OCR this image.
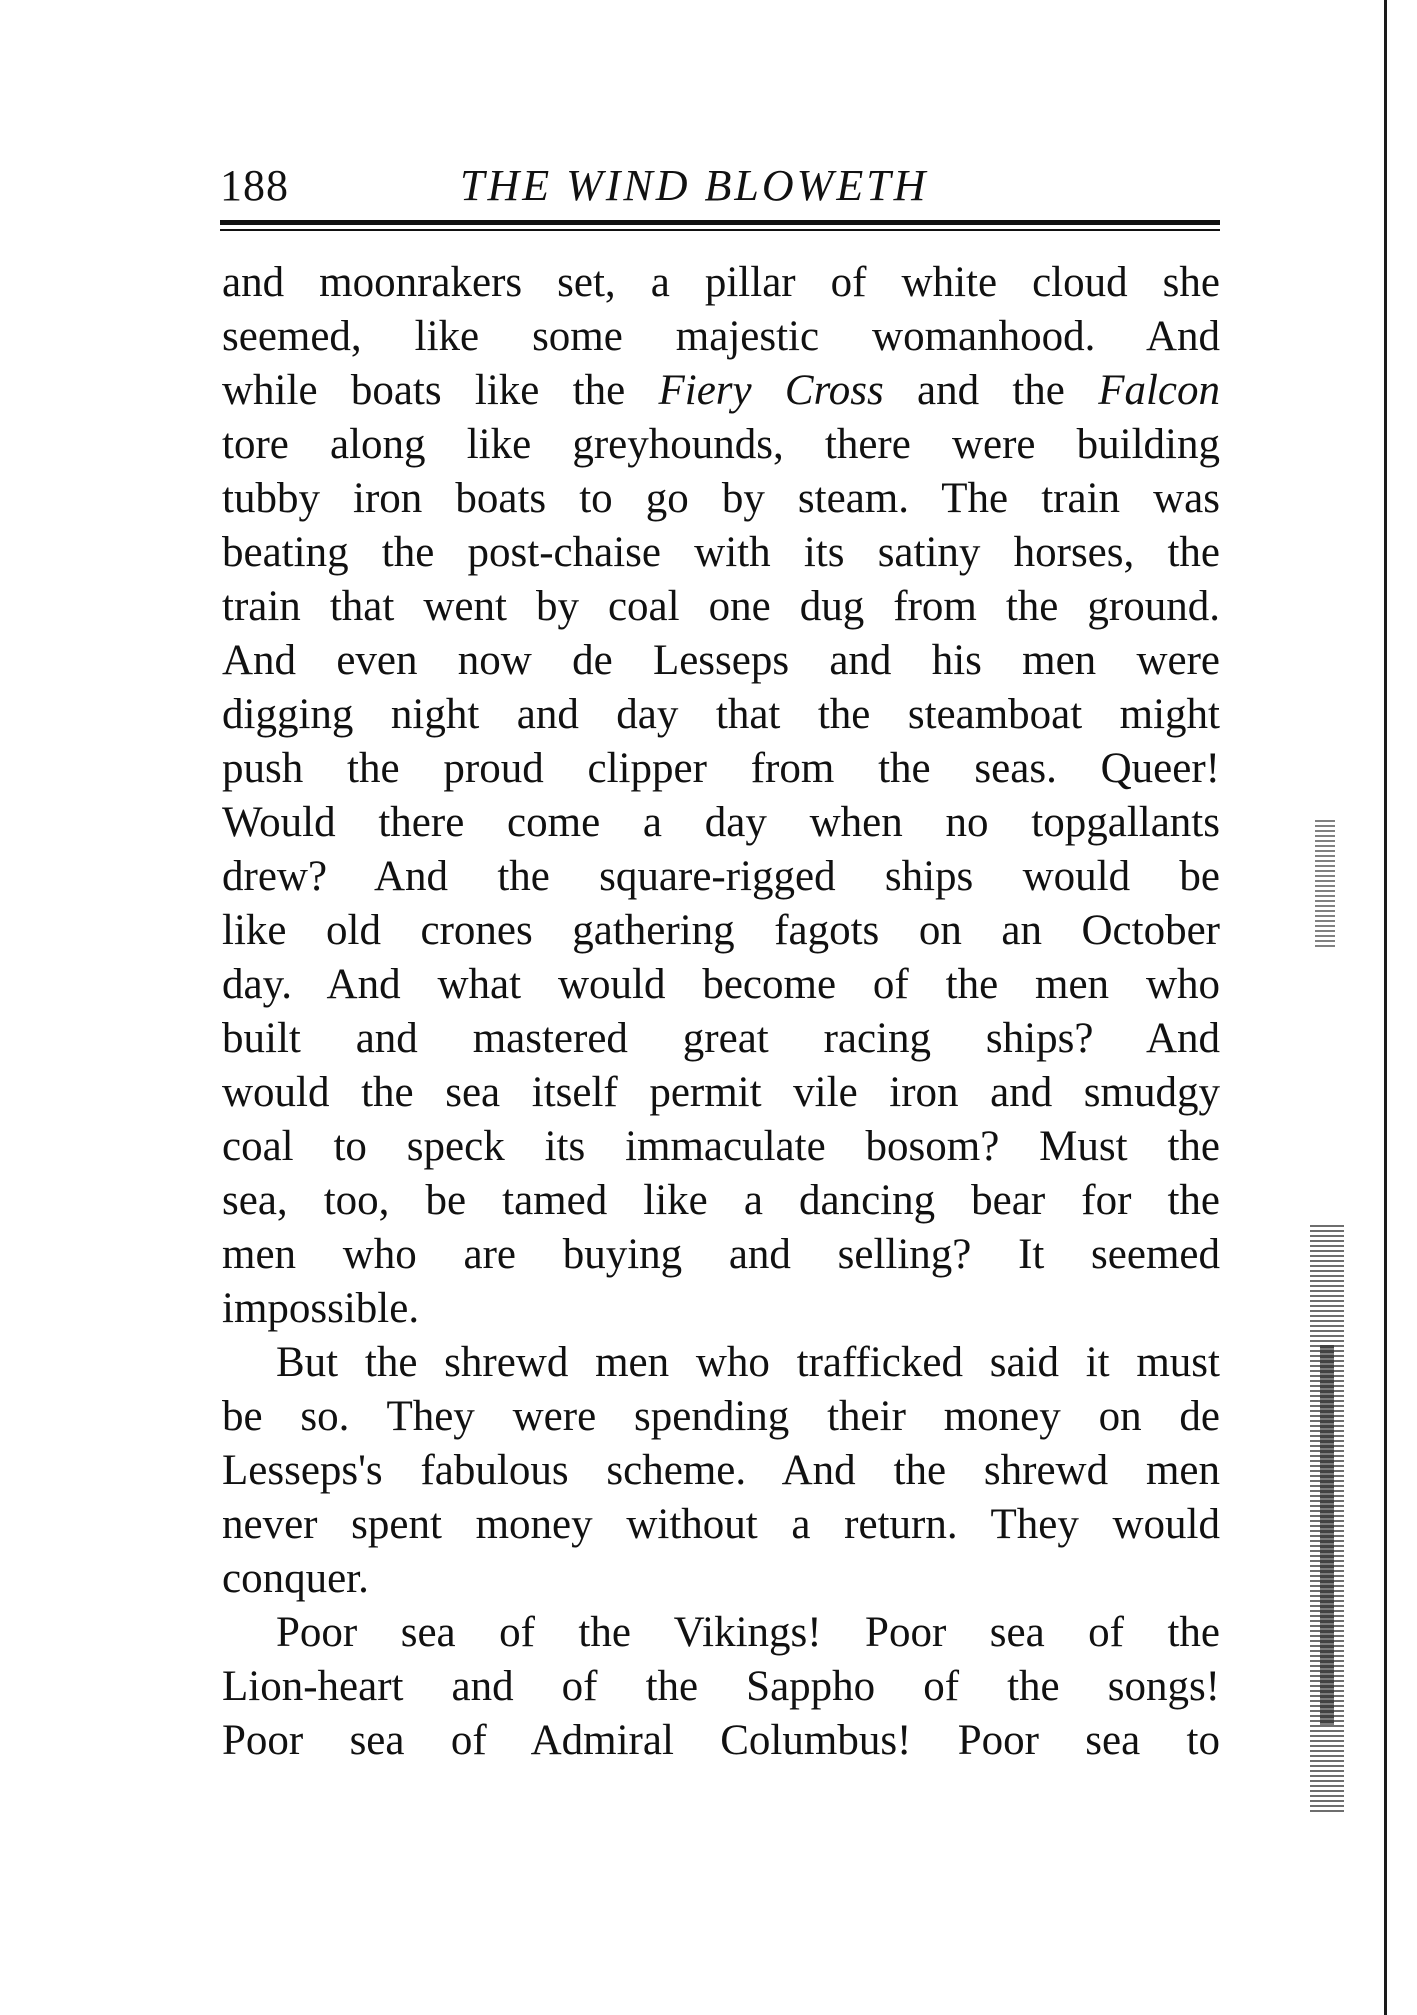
188	THE WIND BLOWETH
and moonrakers set, a pillar of white cloud she
seemed, like some majestic womanhood. And
while boats like the Fiery Cross and the Falcon
tore along like greyhounds, there were building
tubby iron boats to go by steam. The train was
beating the post-chaise with its satiny horses, the
train that went by coal one dug from the ground.
And even now de Lesseps and his men were
digging night and day that the steamboat might
push the proud clipper from the seas. Queer!
Would there come a day when no topgallants
drew? And the square-rigged ships would be
like old crones gathering fagots on an October
day. And what would become of the men who
built and mastered great racing ships? And
would the sea itself permit vile iron and smudgy
coal to speck its immaculate bosom? Must the
sea, too, be tamed like a dancing bear for the
men who are buying and selling? It seemed
impossible.
But the shrewd men who trafficked said it must
be so. They were spending their money on de
Lesseps's fabulous scheme. And the shrewd men
never spent money without a return. They would
conquer.
Poor sea of the Vikings! Poor sea of the
Lion-heart and of the Sappho of the songs!
Poor sea of Admiral Columbus! Poor sea to
